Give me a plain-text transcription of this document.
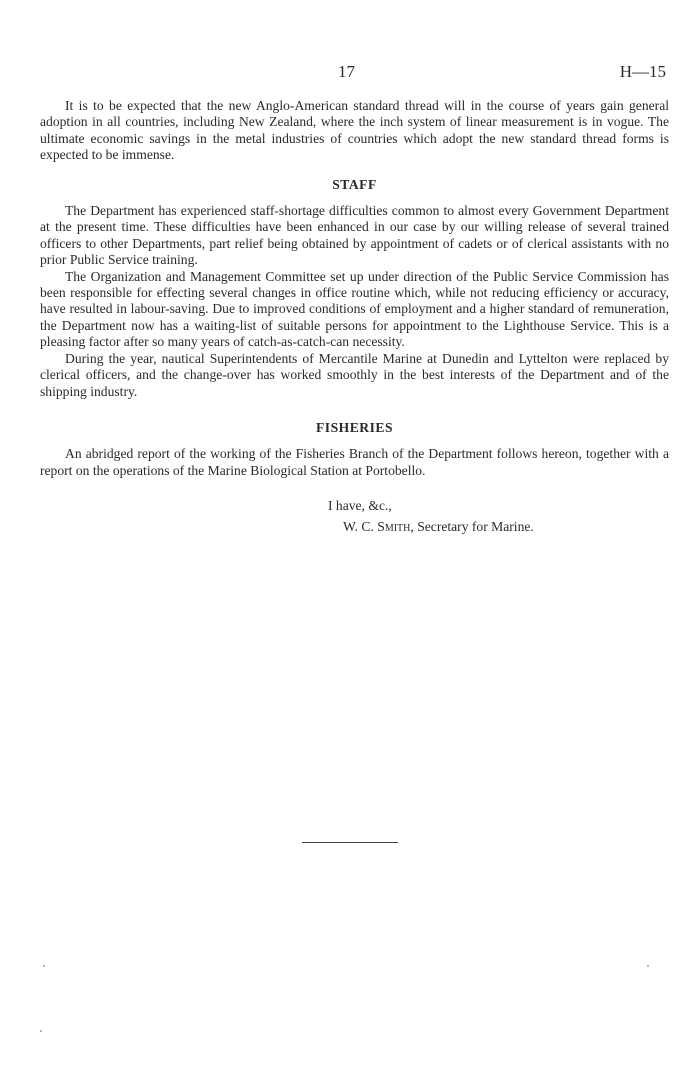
17	H—15

It is to be expected that the new Anglo-American standard thread will in the course of years gain general adoption in all countries, including New Zealand, where the inch system of linear measurement is in vogue. The ultimate economic savings in the metal industries of countries which adopt the new standard thread forms is expected to be immense.

STAFF

The Department has experienced staff-shortage difficulties common to almost every Government Department at the present time. These difficulties have been enhanced in our case by our willing release of several trained officers to other Departments, part relief being obtained by appointment of cadets or of clerical assistants with no prior Public Service training.

The Organization and Management Committee set up under direction of the Public Service Commission has been responsible for effecting several changes in office routine which, while not reducing efficiency or accuracy, have resulted in labour-saving. Due to improved conditions of employment and a higher standard of remuneration, the Department now has a waiting-list of suitable persons for appointment to the Lighthouse Service. This is a pleasing factor after so many years of catch-as-catch-can necessity.

During the year, nautical Superintendents of Mercantile Marine at Dunedin and Lyttelton were replaced by clerical officers, and the change-over has worked smoothly in the best interests of the Department and of the shipping industry.

FISHERIES

An abridged report of the working of the Fisheries Branch of the Department follows hereon, together with a report on the operations of the Marine Biological Station at Portobello.

I have, &c.,
W. C. Smith, Secretary for Marine.
